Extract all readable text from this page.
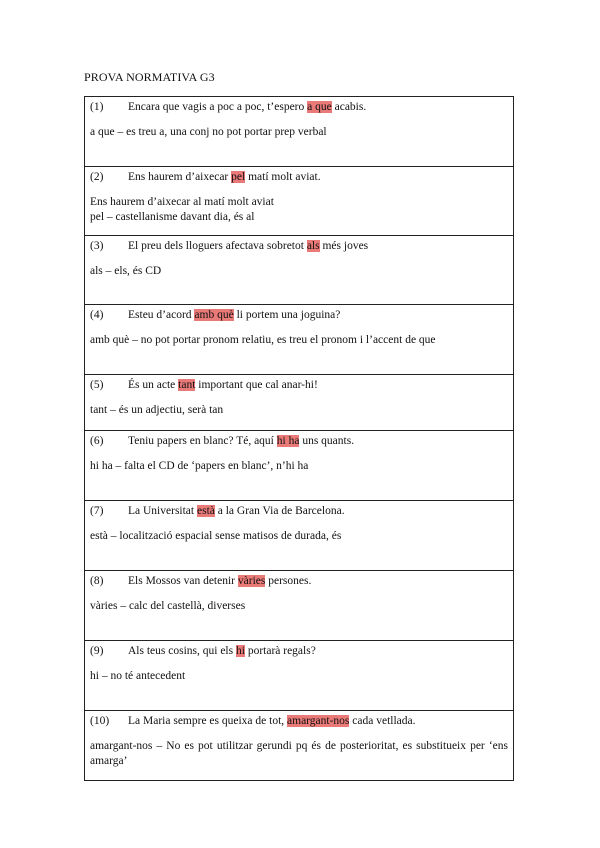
PROVA NORMATIVA G3

(1) Encara que vagis a poc a poc, t’espero a que acabis.

a que – es treu a, una conj no pot portar prep verbal

(2) Ens haurem d’aixecar pel matí molt aviat.

Ens haurem d’aixecar al matí molt aviat
pel – castellanisme davant dia, és al

(3) El preu dels lloguers afectava sobretot als més joves

als – els, és CD

(4) Esteu d’acord amb què li portem una joguina?

amb què – no pot portar pronom relatiu, es treu el pronom i l’accent de que

(5) És un acte tant important que cal anar-hi!

tant – és un adjectiu, serà tan

(6) Teniu papers en blanc? Té, aquí hi ha uns quants.

hi ha – falta el CD de ‘papers en blanc’, n’hi ha

(7) La Universitat està a la Gran Via de Barcelona.

està – localització espacial sense matisos de durada, és

(8) Els Mossos van detenir vàries persones.

vàries – calc del castellà, diverses

(9) Als teus cosins, qui els hi portarà regals?

hi – no té antecedent

(10) La Maria sempre es queixa de tot, amargant-nos cada vetllada.

amargant-nos – No es pot utilitzar gerundi pq és de posterioritat, es substitueix per ‘ens amarga’
